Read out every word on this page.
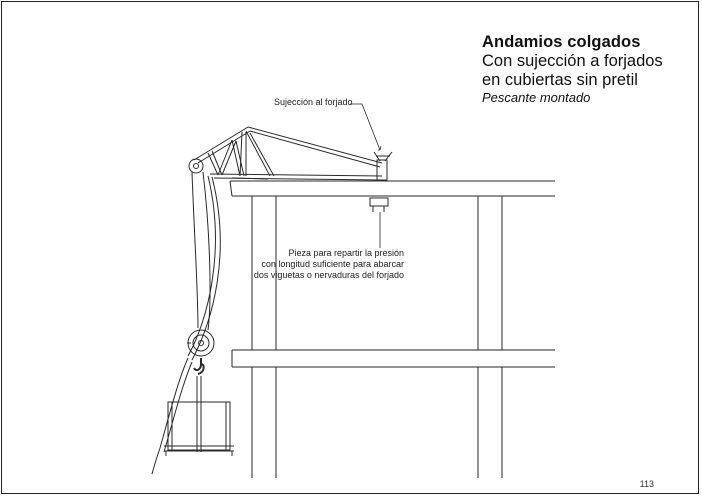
Andamios colgados

Con sujección a forjados

en cubiertas sin pretil

Pescante montado

Sujección al forjado
Pieza para repartir la presión
con longitud suficiente para abarcar
dos viguetas o nervaduras del forjado
113
